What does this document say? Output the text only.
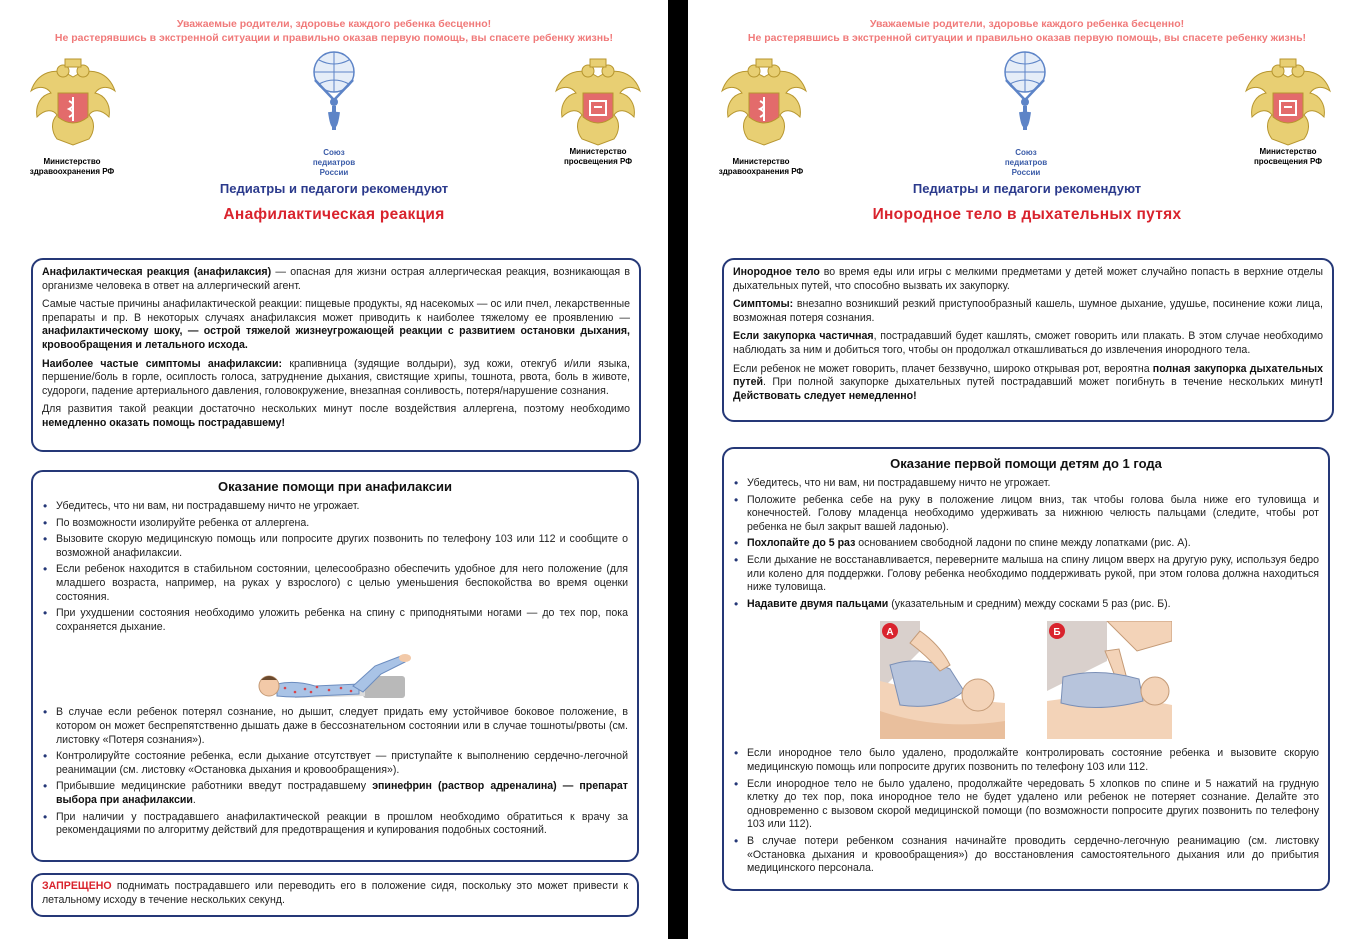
Уважаемые родители, здоровье каждого ребенка бесценно!
Не растерявшись в экстренной ситуации и правильно оказав первую помощь, вы спасете ребенку жизнь!
Министерство
здравоохранения РФ
Союз
педиатров
России
Министерство
просвещения РФ
Педиатры и педагоги рекомендуют
Анафилактическая реакция

Анафилактическая реакция (анафилаксия) — опасная для жизни острая аллергическая реакция, возникающая в организме человека в ответ на аллергический агент.

Самые частые причины анафилактической реакции: пищевые продукты, яд насекомых — ос или пчел, лекарственные препараты и пр. В некоторых случаях анафилаксия может приводить к наиболее тяжелому ее проявлению — анафилактическому шоку, — острой тяжелой жизнеугрожающей реакции с развитием остановки дыхания, кровообращения и летального исхода.

Наиболее частые симптомы анафилаксии: крапивница (зудящие волдыри), зуд кожи, отекгуб и/или языка, першение/боль в горле, осиплость голоса, затруднение дыхания, свистящие хрипы, тошнота, рвота, боль в животе, судороги, падение артериального давления, головокружение, внезапная сонливость, потеря/нарушение сознания.

Для развития такой реакции достаточно нескольких минут после воздействия аллергена, поэтому необходимо немедленно оказать помощь пострадавшему!

Оказание помощи при анафилаксии
• Убедитесь, что ни вам, ни пострадавшему ничто не угрожает.
• По возможности изолируйте ребенка от аллергена.
• Вызовите скорую медицинскую помощь или попросите других позвонить по телефону 103 или 112 и сообщите о возможной анафилаксии.
• Если ребенок находится в стабильном состоянии, целесообразно обеспечить удобное для него положение (для младшего возраста, например, на руках у взрослого) с целью уменьшения беспокойства во время оценки состояния.
• При ухудшении состояния необходимо уложить ребенка на спину с приподнятыми ногами — до тех пор, пока сохраняется дыхание.
• В случае если ребенок потерял сознание, но дышит, следует придать ему устойчивое боковое положение, в котором он может беспрепятственно дышать даже в бессознательном состоянии или в случае тошноты/рвоты (см. листовку «Потеря сознания»).
• Контролируйте состояние ребенка, если дыхание отсутствует — приступайте к выполнению сердечно-легочной реанимации (см. листовку «Остановка дыхания и кровообращения»).
• Прибывшие медицинские работники введут пострадавшему эпинефрин (раствор адреналина) — препарат выбора при анафилаксии.
• При наличии у пострадавшего анафилактической реакции в прошлом необходимо обратиться к врачу за рекомендациями по алгоритму действий для предотвращения и купирования подобных состояний.

ЗАПРЕЩЕНО поднимать пострадавшего или переводить его в положение сидя, поскольку это может привести к летальному исходу в течение нескольких секунд.

Уважаемые родители, здоровье каждого ребенка бесценно!
Не растерявшись в экстренной ситуации и правильно оказав первую помощь, вы спасете ребенку жизнь!
Министерство
здравоохранения РФ
Союз
педиатров
России
Министерство
просвещения РФ
Педиатры и педагоги рекомендуют
Инородное тело в дыхательных путях

Инородное тело во время еды или игры с мелкими предметами у детей может случайно попасть в верхние отделы дыхательных путей, что способно вызвать их закупорку.

Симптомы: внезапно возникший резкий приступообразный кашель, шумное дыхание, удушье, посинение кожи лица, возможная потеря сознания.

Если закупорка частичная, пострадавший будет кашлять, сможет говорить или плакать. В этом случае необходимо наблюдать за ним и добиться того, чтобы он продолжал откашливаться до извлечения инородного тела.

Если ребенок не может говорить, плачет беззвучно, широко открывая рот, вероятна полная закупорка дыхательных путей. При полной закупорке дыхательных путей пострадавший может погибнуть в течение нескольких минут! Действовать следует немедленно!

Оказание первой помощи детям до 1 года
• Убедитесь, что ни вам, ни пострадавшему ничто не угрожает.
• Положите ребенка себе на руку в положение лицом вниз, так чтобы голова была ниже его туловища и конечностей. Голову младенца необходимо удерживать за нижнюю челюсть пальцами (следите, чтобы рот ребенка не был закрыт вашей ладонью).
• Похлопайте до 5 раз основанием свободной ладони по спине между лопатками (рис. А).
• Если дыхание не восстанавливается, переверните малыша на спину лицом вверх на другую руку, используя бедро или колено для поддержки. Голову ребенка необходимо поддерживать рукой, при этом голова должна находиться ниже туловища.
• Надавите двумя пальцами (указательным и средним) между сосками 5 раз (рис. Б).
А	Б
• Если инородное тело было удалено, продолжайте контролировать состояние ребенка и вызовите скорую медицинскую помощь или попросите других позвонить по телефону 103 или 112.
• Если инородное тело не было удалено, продолжайте чередовать 5 хлопков по спине и 5 нажатий на грудную клетку до тех пор, пока инородное тело не будет удалено или ребенок не потеряет сознание. Делайте это одновременно с вызовом скорой медицинской помощи (по возможности попросите других позвонить по телефону 103 или 112).
• В случае потери ребенком сознания начинайте проводить сердечно-легочную реанимацию (см. листовку «Остановка дыхания и кровообращения») до восстановления самостоятельного дыхания или до прибытия медицинского персонала.
